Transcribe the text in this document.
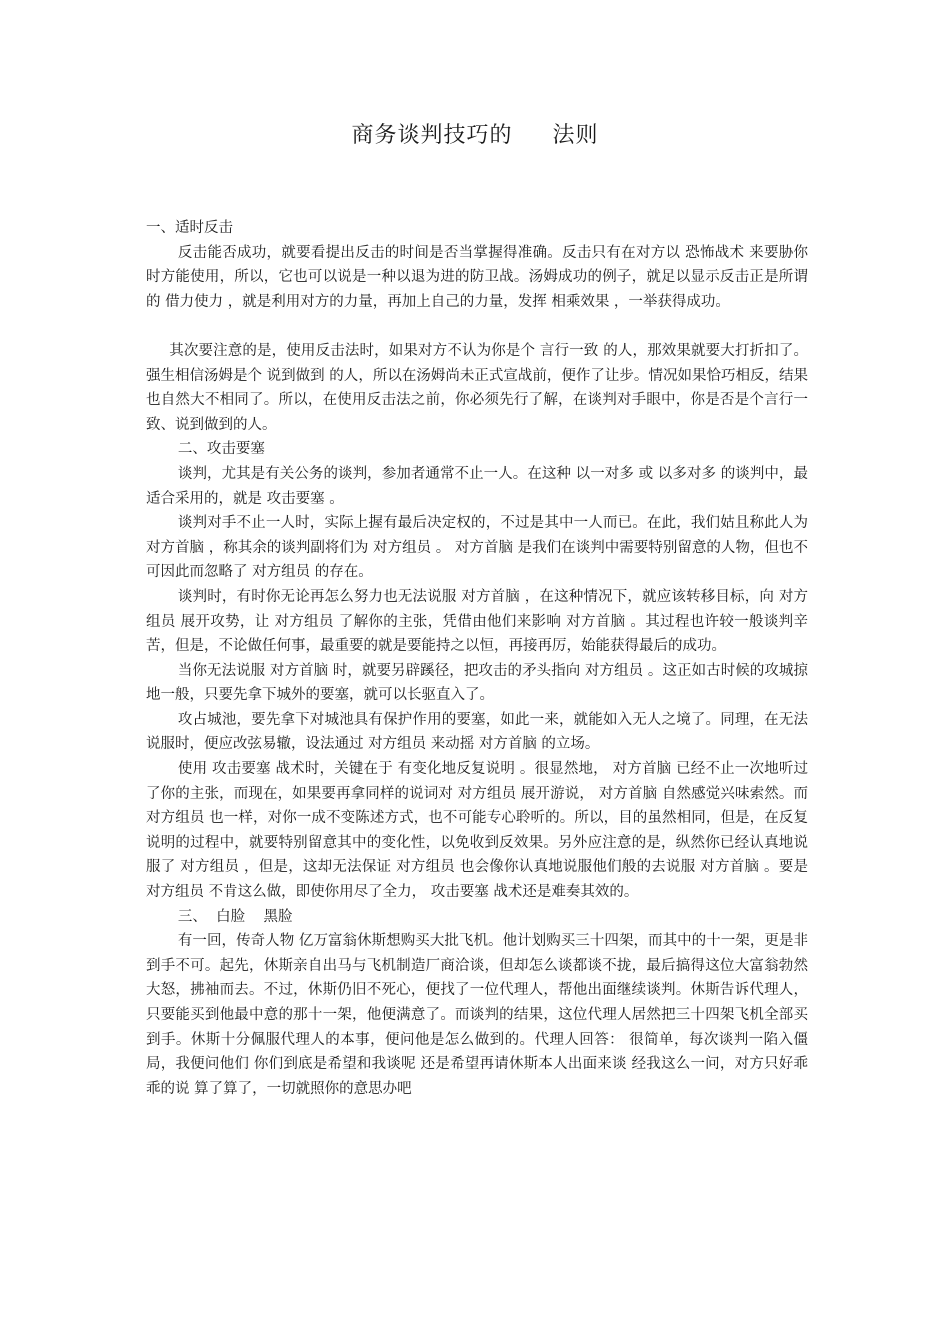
商务谈判技巧的 法则

一、适时反击

反击能否成功，就要看提出反击的时间是否当掌握得准确。反击只有在对方以 恐怖战术 来要胁你时方能使用，所以，它也可以说是一种以退为进的防卫战。汤姆成功的例子，就足以显示反击正是所谓的 借力使力 ，就是利用对方的力量，再加上自己的力量，发挥 相乘效果 ，一举获得成功。

其次要注意的是，使用反击法时，如果对方不认为你是个 言行一致 的人，那效果就要大打折扣了。强生相信汤姆是个 说到做到 的人，所以在汤姆尚未正式宣战前，便作了让步。情况如果恰巧相反，结果也自然大不相同了。所以，在使用反击法之前，你必须先行了解，在谈判对手眼中，你是否是个言行一致、说到做到的人。

二、攻击要塞

谈判，尤其是有关公务的谈判，参加者通常不止一人。在这种 以一对多 或 以多对多 的谈判中，最适合采用的，就是 攻击要塞 。

谈判对手不止一人时，实际上握有最后决定权的，不过是其中一人而已。在此，我们姑且称此人为 对方首脑 ，称其余的谈判副将们为 对方组员 。 对方首脑 是我们在谈判中需要特别留意的人物，但也不可因此而忽略了 对方组员 的存在。

谈判时，有时你无论再怎么努力也无法说服 对方首脑 ，在这种情况下，就应该转移目标，向 对方组员 展开攻势，让 对方组员 了解你的主张，凭借由他们来影响 对方首脑 。其过程也许较一般谈判辛苦，但是，不论做任何事，最重要的就是要能持之以恒，再接再厉，始能获得最后的成功。

当你无法说服 对方首脑 时，就要另辟蹊径，把攻击的矛头指向 对方组员 。这正如古时候的攻城掠地一般，只要先拿下城外的要塞，就可以长驱直入了。

攻占城池，要先拿下对城池具有保护作用的要塞，如此一来，就能如入无人之境了。同理，在无法说服时，便应改弦易辙，设法通过 对方组员 来动摇 对方首脑 的立场。

使用 攻击要塞 战术时，关键在于 有变化地反复说明 。很显然地， 对方首脑 已经不止一次地听过了你的主张，而现在，如果要再拿同样的说词对 对方组员 展开游说， 对方首脑 自然感觉兴味索然。而 对方组员 也一样，对你一成不变陈述方式，也不可能专心聆听的。所以，目的虽然相同，但是，在反复说明的过程中，就要特别留意其中的变化性，以免收到反效果。另外应注意的是，纵然你已经认真地说服了 对方组员 ，但是，这却无法保证 对方组员 也会像你认真地说服他们般的去说服 对方首脑 。要是 对方组员 不肯这么做，即使你用尽了全力， 攻击要塞 战术还是难奏其效的。

三、  白脸    黑脸

有一回，传奇人物 亿万富翁休斯想购买大批飞机。他计划购买三十四架，而其中的十一架，更是非到手不可。起先，休斯亲自出马与飞机制造厂商洽谈，但却怎么谈都谈不拢，最后搞得这位大富翁勃然大怒，拂袖而去。不过，休斯仍旧不死心，便找了一位代理人，帮他出面继续谈判。休斯告诉代理人，只要能买到他最中意的那十一架，他便满意了。而谈判的结果，这位代理人居然把三十四架飞机全部买到手。休斯十分佩服代理人的本事，便问他是怎么做到的。代理人回答： 很简单，每次谈判一陷入僵局，我便问他们 你们到底是希望和我谈呢 还是希望再请休斯本人出面来谈 经我这么一问，对方只好乖乖的说 算了算了，一切就照你的意思办吧
